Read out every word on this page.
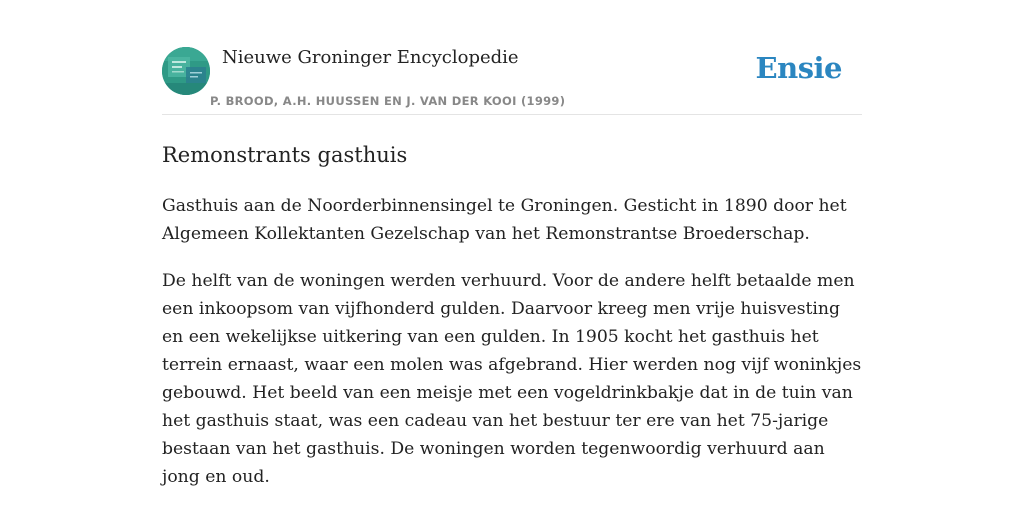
Nieuwe Groninger Encyclopedie
P. BROOD, A.H. HUUSSEN EN J. VAN DER KOOI (1999)
Ensie
Remonstrants gasthuis

Gasthuis aan de Noorderbinnensingel te Groningen. Gesticht in 1890 door het Algemeen Kollektanten Gezelschap van het Remonstrantse Broederschap.

De helft van de woningen werden verhuurd. Voor de andere helft betaalde men een inkoopsom van vijfhonderd gulden. Daarvoor kreeg men vrije huisvesting en een wekelijkse uitkering van een gulden. In 1905 kocht het gasthuis het terrein ernaast, waar een molen was afgebrand. Hier werden nog vijf woninkjes gebouwd. Het beeld van een meisje met een vogeldrinkbakje dat in de tuin van het gasthuis staat, was een cadeau van het bestuur ter ere van het 75-jarige bestaan van het gasthuis. De woningen worden tegenwoordig verhuurd aan jong en oud.
